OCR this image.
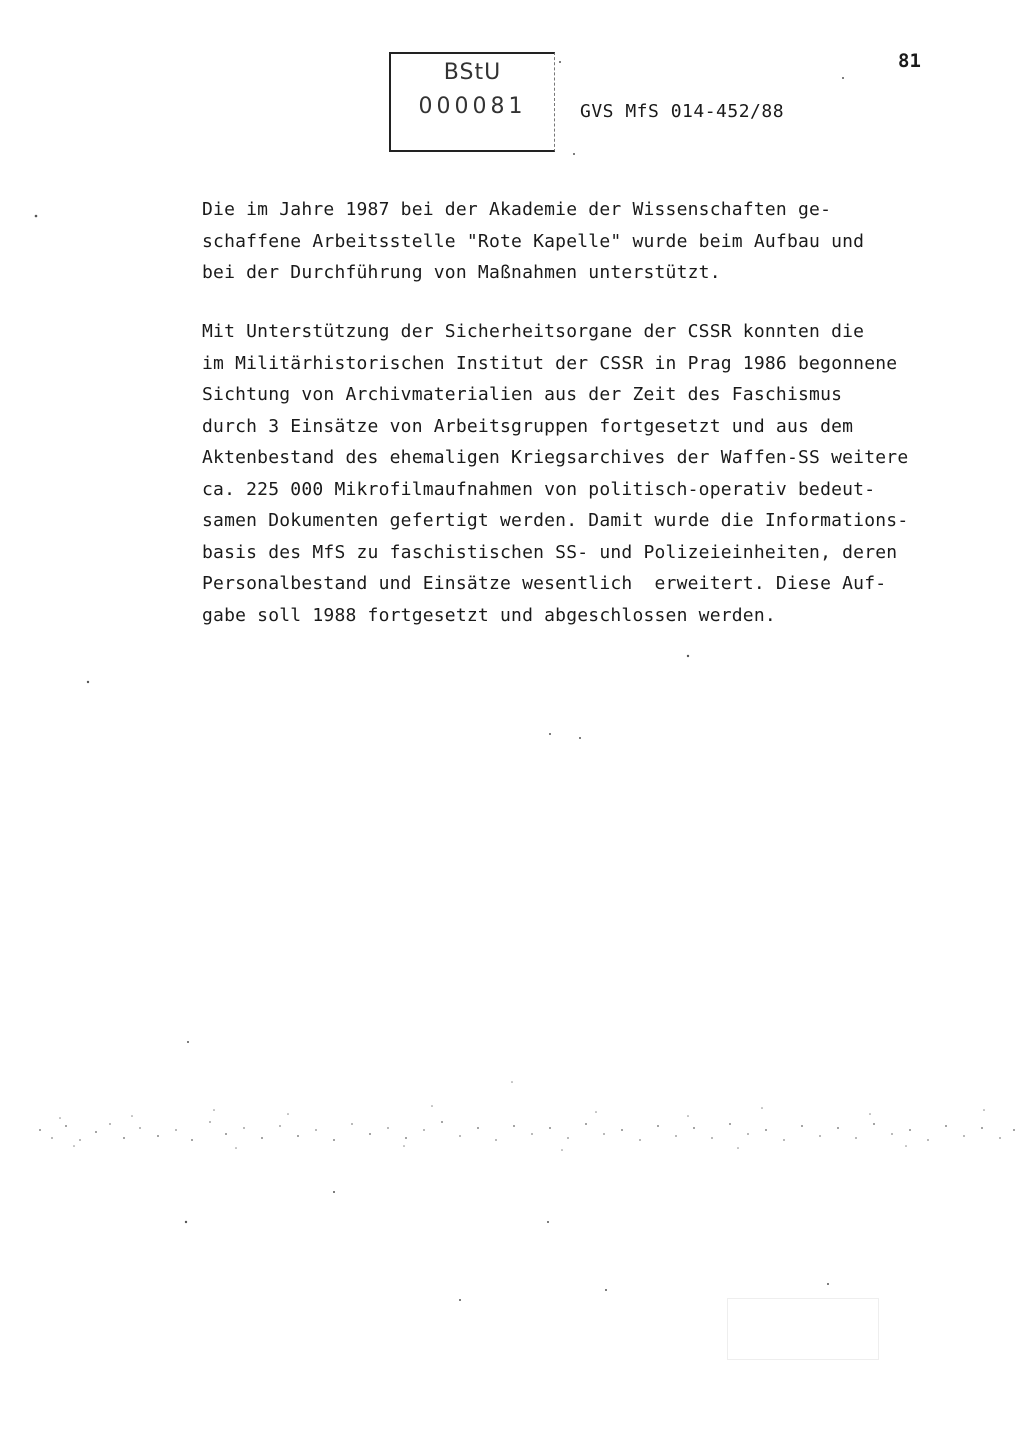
BStU
000081
81
GVS MfS 014-452/88
Die im Jahre 1987 bei der Akademie der Wissenschaften ge-
schaffene Arbeitsstelle "Rote Kapelle" wurde beim Aufbau und
bei der Durchführung von Maßnahmen unterstützt.
Mit Unterstützung der Sicherheitsorgane der CSSR konnten die
im Militärhistorischen Institut der CSSR in Prag 1986 begonnene
Sichtung von Archivmaterialien aus der Zeit des Faschismus
durch 3 Einsätze von Arbeitsgruppen fortgesetzt und aus dem
Aktenbestand des ehemaligen Kriegsarchives der Waffen-SS weitere
ca. 225 000 Mikrofilmaufnahmen von politisch-operativ bedeut-
samen Dokumenten gefertigt werden. Damit wurde die Informations-
basis des MfS zu faschistischen SS- und Polizeieinheiten, deren
Personalbestand und Einsätze wesentlich  erweitert. Diese Auf-
gabe soll 1988 fortgesetzt und abgeschlossen werden.
